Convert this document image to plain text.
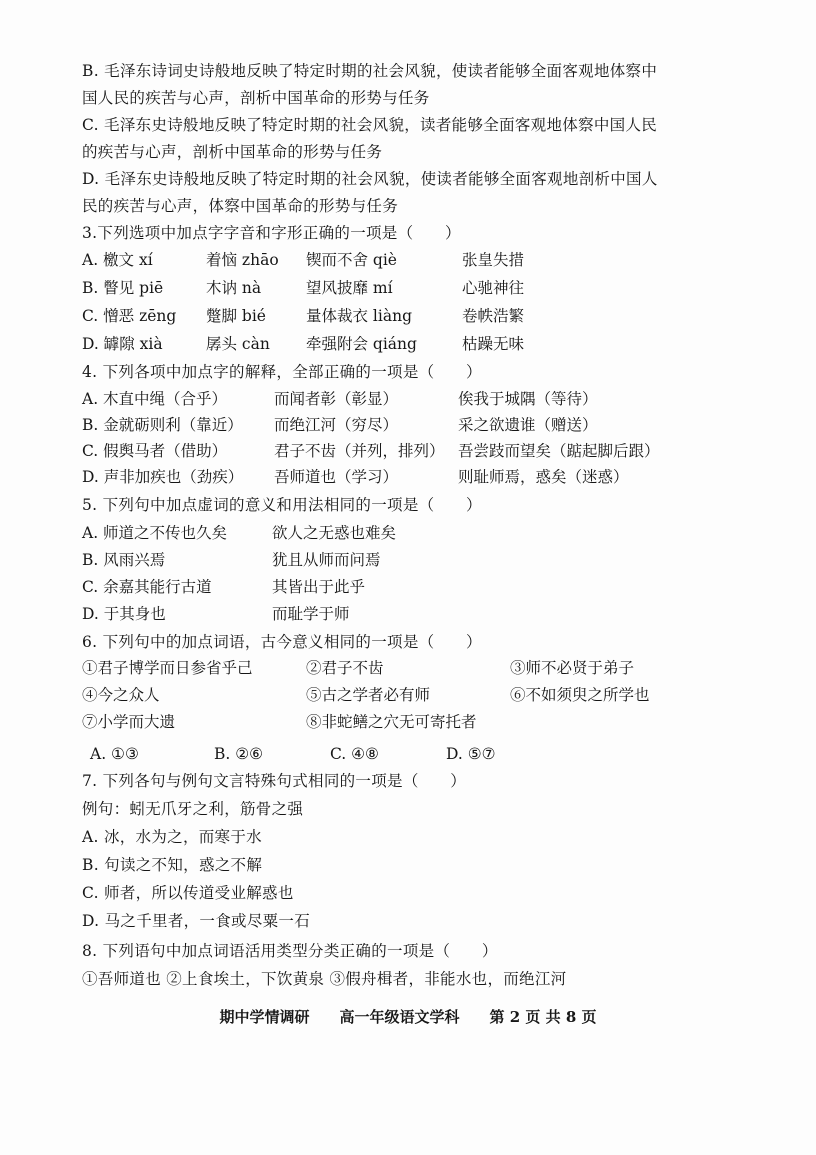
B. 毛泽东诗词史诗般地反映了特定时期的社会风貌，使读者能够全面客观地体察中
国人民的疾苦与心声，剖析中国革命的形势与任务
C. 毛泽东史诗般地反映了特定时期的社会风貌，读者能够全面客观地体察中国人民
的疾苦与心声，剖析中国革命的形势与任务
D. 毛泽东史诗般地反映了特定时期的社会风貌，使读者能够全面客观地剖析中国人
民的疾苦与心声，体察中国革命的形势与任务
3.下列选项中加点字字音和字形正确的一项是（　　）
A. 檄文 xí	着恼 zhāo 锲而不舍 qiè	张皇失措
B. 瞥见 piē	木讷 nà	望风披靡 mí	心驰神往
C. 憎恶 zēng 蹩脚 bié	量体裁衣 liàng	卷帙浩繁
D. 罅隙 xià	孱头 càn 牵强附会 qiáng	枯躁无味
4. 下列各项中加点字的解释，全部正确的一项是（　　）
A. 木直中绳（合乎）	而闻者彰（彰显）	俟我于城隅（等待）
B. 金就砺则利（靠近） 而绝江河（穷尽）	采之欲遗谁（赠送）
C. 假舆马者（借助）	君子不齿（并列，排列） 吾尝跂而望矣（踮起脚后跟）
D. 声非加疾也（劲疾） 吾师道也（学习）	则耻师焉，惑矣（迷惑）
5. 下列句中加点虚词的意义和用法相同的一项是（　　）
A. 师道之不传也久矣	欲人之无惑也难矣
B. 风雨兴焉	犹且从师而问焉
C. 余嘉其能行古道	其皆出于此乎
D. 于其身也	而耻学于师
6. 下列句中的加点词语，古今意义相同的一项是（　　）
①君子博学而日参省乎己	②君子不齿	③师不必贤于弟子
④今之众人	⑤古之学者必有师	⑥不如须臾之所学也
⑦小学而大遗	⑧非蛇鳝之穴无可寄托者
A. ①③	B. ②⑥	C. ④⑧	D. ⑤⑦
7. 下列各句与例句文言特殊句式相同的一项是（　　）
例句：蚓无爪牙之利，筋骨之强
A. 冰，水为之，而寒于水
B. 句读之不知，惑之不解
C. 师者，所以传道受业解惑也
D. 马之千里者，一食或尽粟一石
8. 下列语句中加点词语活用类型分类正确的一项是（　　）
①吾师道也 ②上食埃土，下饮黄泉 ③假舟楫者，非能水也，而绝江河
期中学情调研　　高一年级语文学科　　第 2 页 共 8 页
